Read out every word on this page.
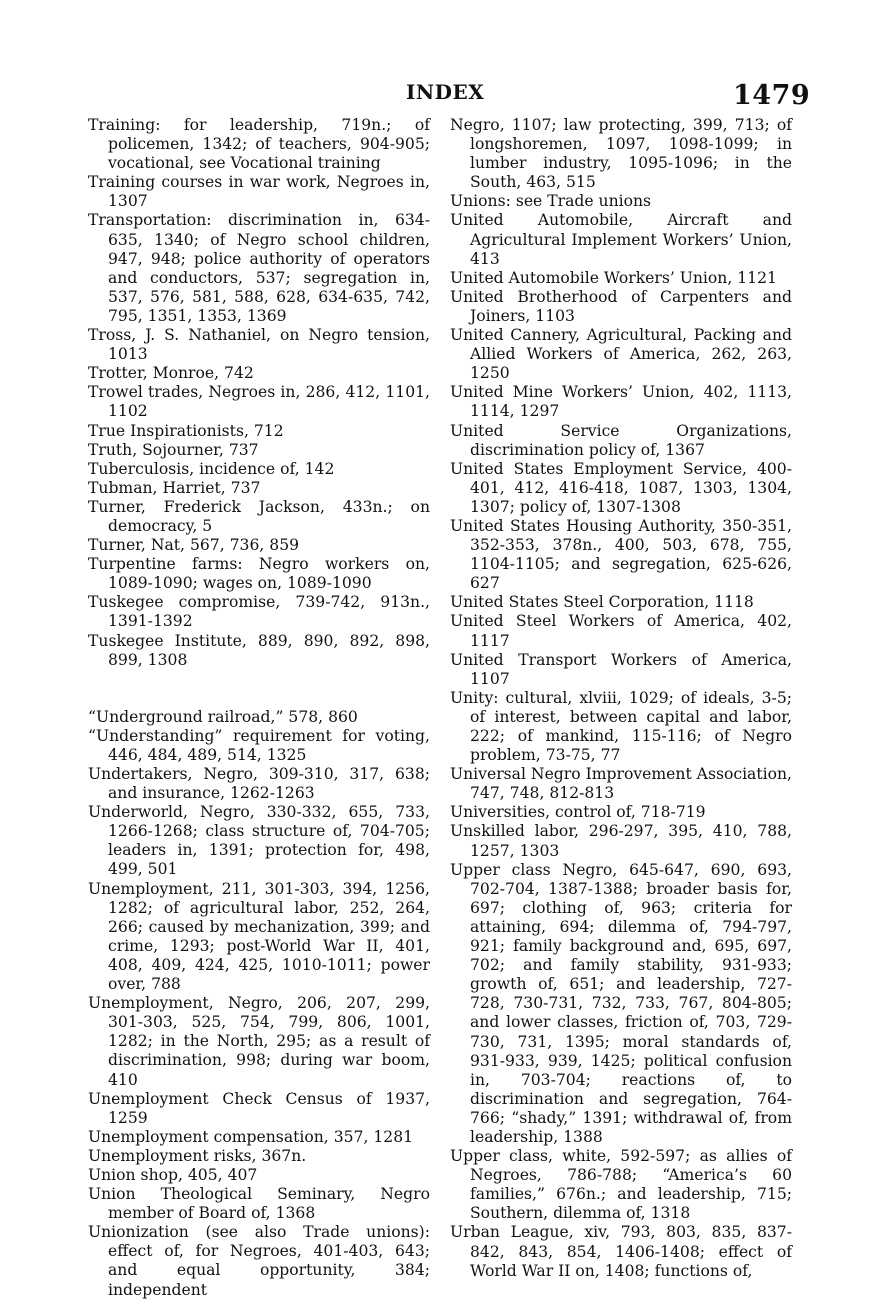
INDEX	1479

Training: for leadership, 719n.; of policemen, 1342; of teachers, 904-905; vocational, see Vocational training

Training courses in war work, Negroes in, 1307

Transportation: discrimination in, 634-635, 1340; of Negro school children, 947, 948; police authority of operators and conductors, 537; segregation in, 537, 576, 581, 588, 628, 634-635, 742, 795, 1351, 1353, 1369

Tross, J. S. Nathaniel, on Negro tension, 1013

Trotter, Monroe, 742

Trowel trades, Negroes in, 286, 412, 1101, 1102

True Inspirationists, 712

Truth, Sojourner, 737

Tuberculosis, incidence of, 142

Tubman, Harriet, 737

Turner, Frederick Jackson, 433n.; on democracy, 5

Turner, Nat, 567, 736, 859

Turpentine farms: Negro workers on, 1089-1090; wages on, 1089-1090

Tuskegee compromise, 739-742, 913n., 1391-1392

Tuskegee Institute, 889, 890, 892, 898, 899, 1308

“Underground railroad,” 578, 860

“Understanding” requirement for voting, 446, 484, 489, 514, 1325

Undertakers, Negro, 309-310, 317, 638; and insurance, 1262-1263

Underworld, Negro, 330-332, 655, 733, 1266-1268; class structure of, 704-705; leaders in, 1391; protection for, 498, 499, 501

Unemployment, 211, 301-303, 394, 1256, 1282; of agricultural labor, 252, 264, 266; caused by mechanization, 399; and crime, 1293; post-World War II, 401, 408, 409, 424, 425, 1010-1011; power over, 788

Unemployment, Negro, 206, 207, 299, 301-303, 525, 754, 799, 806, 1001, 1282; in the North, 295; as a result of discrimination, 998; during war boom, 410

Unemployment Check Census of 1937, 1259

Unemployment compensation, 357, 1281

Unemployment risks, 367n.

Union shop, 405, 407

Union Theological Seminary, Negro member of Board of, 1368

Unionization (see also Trade unions): effect of, for Negroes, 401-403, 643; and equal opportunity, 384; independent

Negro, 1107; law protecting, 399, 713; of longshoremen, 1097, 1098-1099; in lumber industry, 1095-1096; in the South, 463, 515

Unions: see Trade unions

United Automobile, Aircraft and Agricultural Implement Workers’ Union, 413

United Automobile Workers’ Union, 1121

United Brotherhood of Carpenters and Joiners, 1103

United Cannery, Agricultural, Packing and Allied Workers of America, 262, 263, 1250

United Mine Workers’ Union, 402, 1113, 1114, 1297

United Service Organizations, discrimination policy of, 1367

United States Employment Service, 400-401, 412, 416-418, 1087, 1303, 1304, 1307; policy of, 1307-1308

United States Housing Authority, 350-351, 352-353, 378n., 400, 503, 678, 755, 1104-1105; and segregation, 625-626, 627

United States Steel Corporation, 1118

United Steel Workers of America, 402, 1117

United Transport Workers of America, 1107

Unity: cultural, xlviii, 1029; of ideals, 3-5; of interest, between capital and labor, 222; of mankind, 115-116; of Negro problem, 73-75, 77

Universal Negro Improvement Association, 747, 748, 812-813

Universities, control of, 718-719

Unskilled labor, 296-297, 395, 410, 788, 1257, 1303

Upper class Negro, 645-647, 690, 693, 702-704, 1387-1388; broader basis for, 697; clothing of, 963; criteria for attaining, 694; dilemma of, 794-797, 921; family background and, 695, 697, 702; and family stability, 931-933; growth of, 651; and leadership, 727-728, 730-731, 732, 733, 767, 804-805; and lower classes, friction of, 703, 729-730, 731, 1395; moral standards of, 931-933, 939, 1425; political confusion in, 703-704; reactions of, to discrimination and segregation, 764-766; “shady,” 1391; withdrawal of, from leadership, 1388

Upper class, white, 592-597; as allies of Negroes, 786-788; “America’s 60 families,” 676n.; and leadership, 715; Southern, dilemma of, 1318

Urban League, xiv, 793, 803, 835, 837-842, 843, 854, 1406-1408; effect of World War II on, 1408; functions of,
